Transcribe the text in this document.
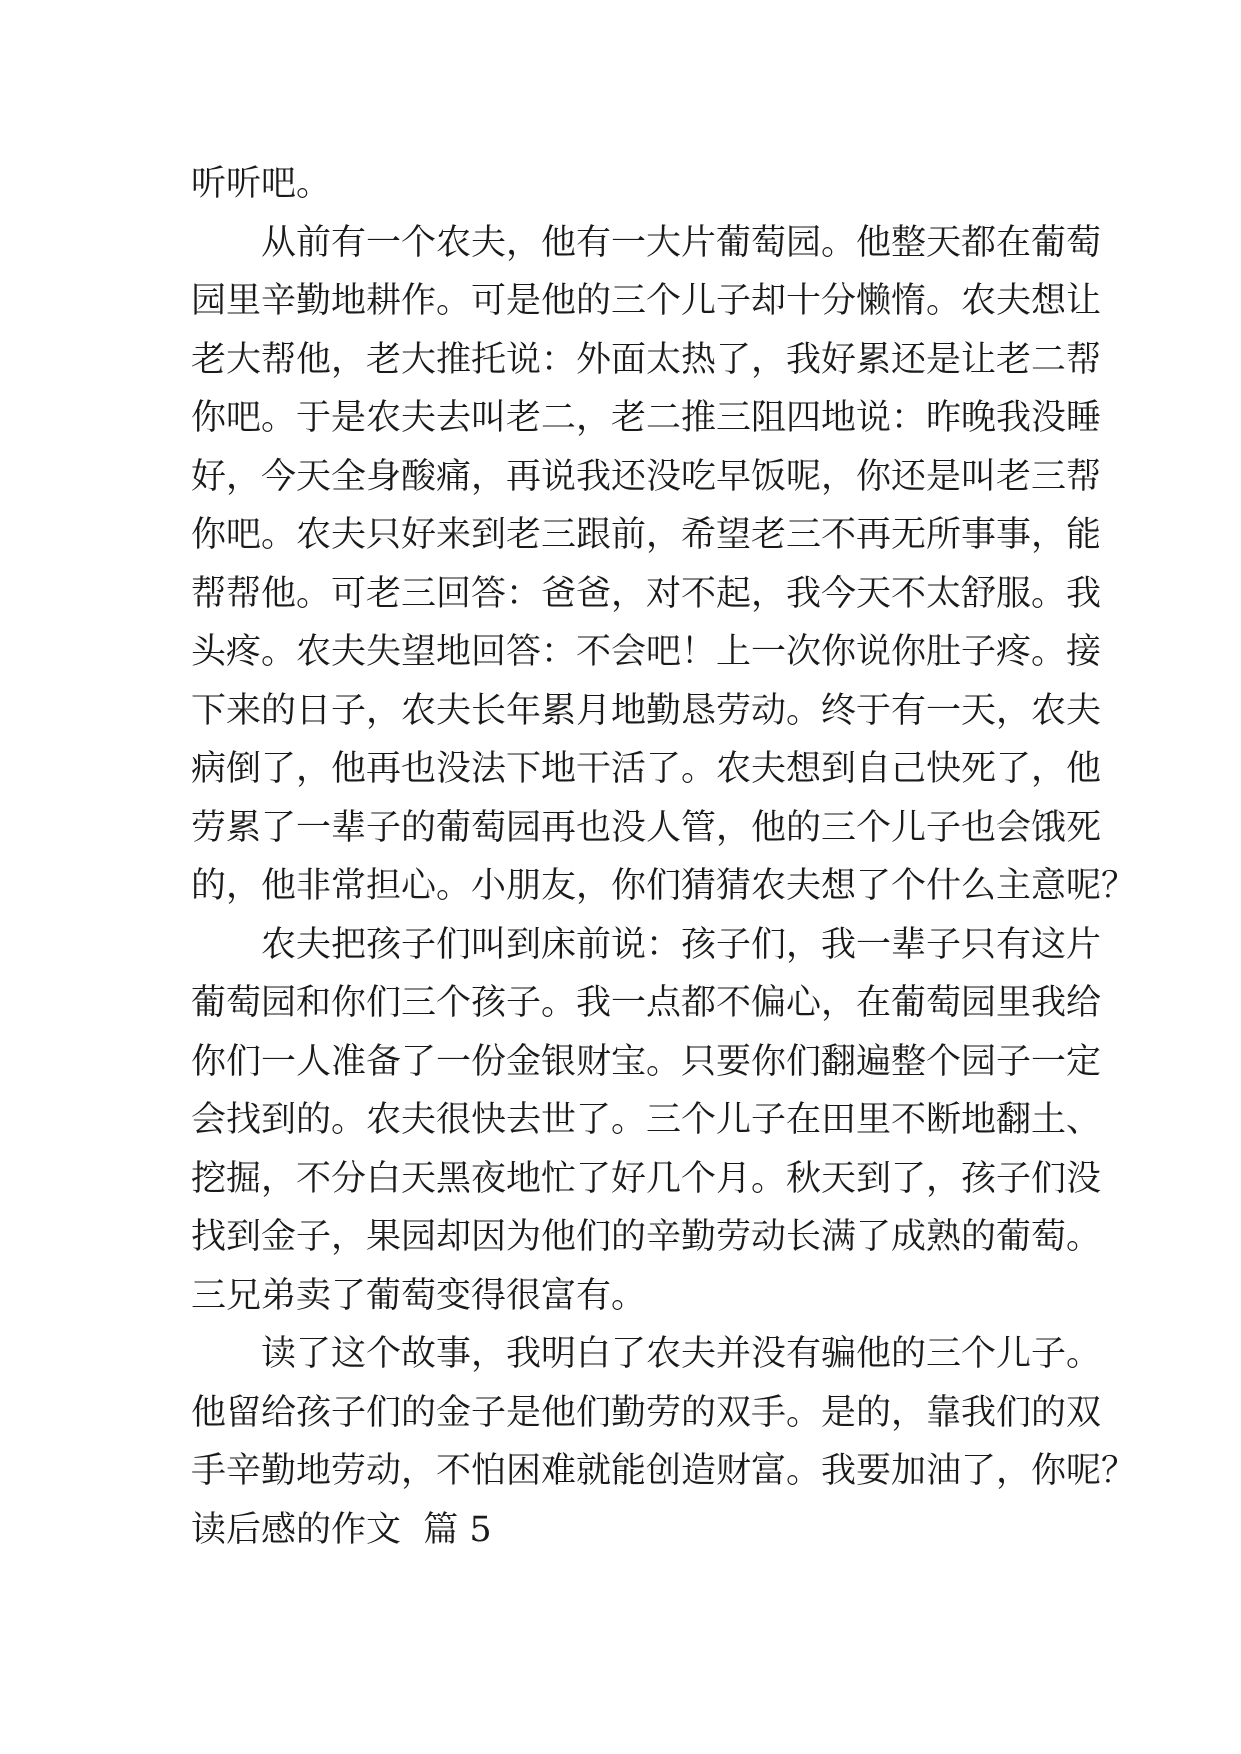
听听吧。
从前有一个农夫，他有一大片葡萄园。他整天都在葡萄
园里辛勤地耕作。可是他的三个儿子却十分懒惰。农夫想让
老大帮他，老大推托说：外面太热了，我好累还是让老二帮
你吧。于是农夫去叫老二，老二推三阻四地说：昨晚我没睡
好，今天全身酸痛，再说我还没吃早饭呢，你还是叫老三帮
你吧。农夫只好来到老三跟前，希望老三不再无所事事，能
帮帮他。可老三回答：爸爸，对不起，我今天不太舒服。我
头疼。农夫失望地回答：不会吧！上一次你说你肚子疼。接
下来的日子，农夫长年累月地勤恳劳动。终于有一天，农夫
病倒了，他再也没法下地干活了。农夫想到自己快死了，他
劳累了一辈子的葡萄园再也没人管，他的三个儿子也会饿死
的，他非常担心。小朋友，你们猜猜农夫想了个什么主意呢？
农夫把孩子们叫到床前说：孩子们，我一辈子只有这片
葡萄园和你们三个孩子。我一点都不偏心，在葡萄园里我给
你们一人准备了一份金银财宝。只要你们翻遍整个园子一定
会找到的。农夫很快去世了。三个儿子在田里不断地翻土、
挖掘，不分白天黑夜地忙了好几个月。秋天到了，孩子们没
找到金子，果园却因为他们的辛勤劳动长满了成熟的葡萄。
三兄弟卖了葡萄变得很富有。
读了这个故事，我明白了农夫并没有骗他的三个儿子。
他留给孩子们的金子是他们勤劳的双手。是的，靠我们的双
手辛勤地劳动，不怕困难就能创造财富。我要加油了，你呢？
读后感的作文  篇 5
